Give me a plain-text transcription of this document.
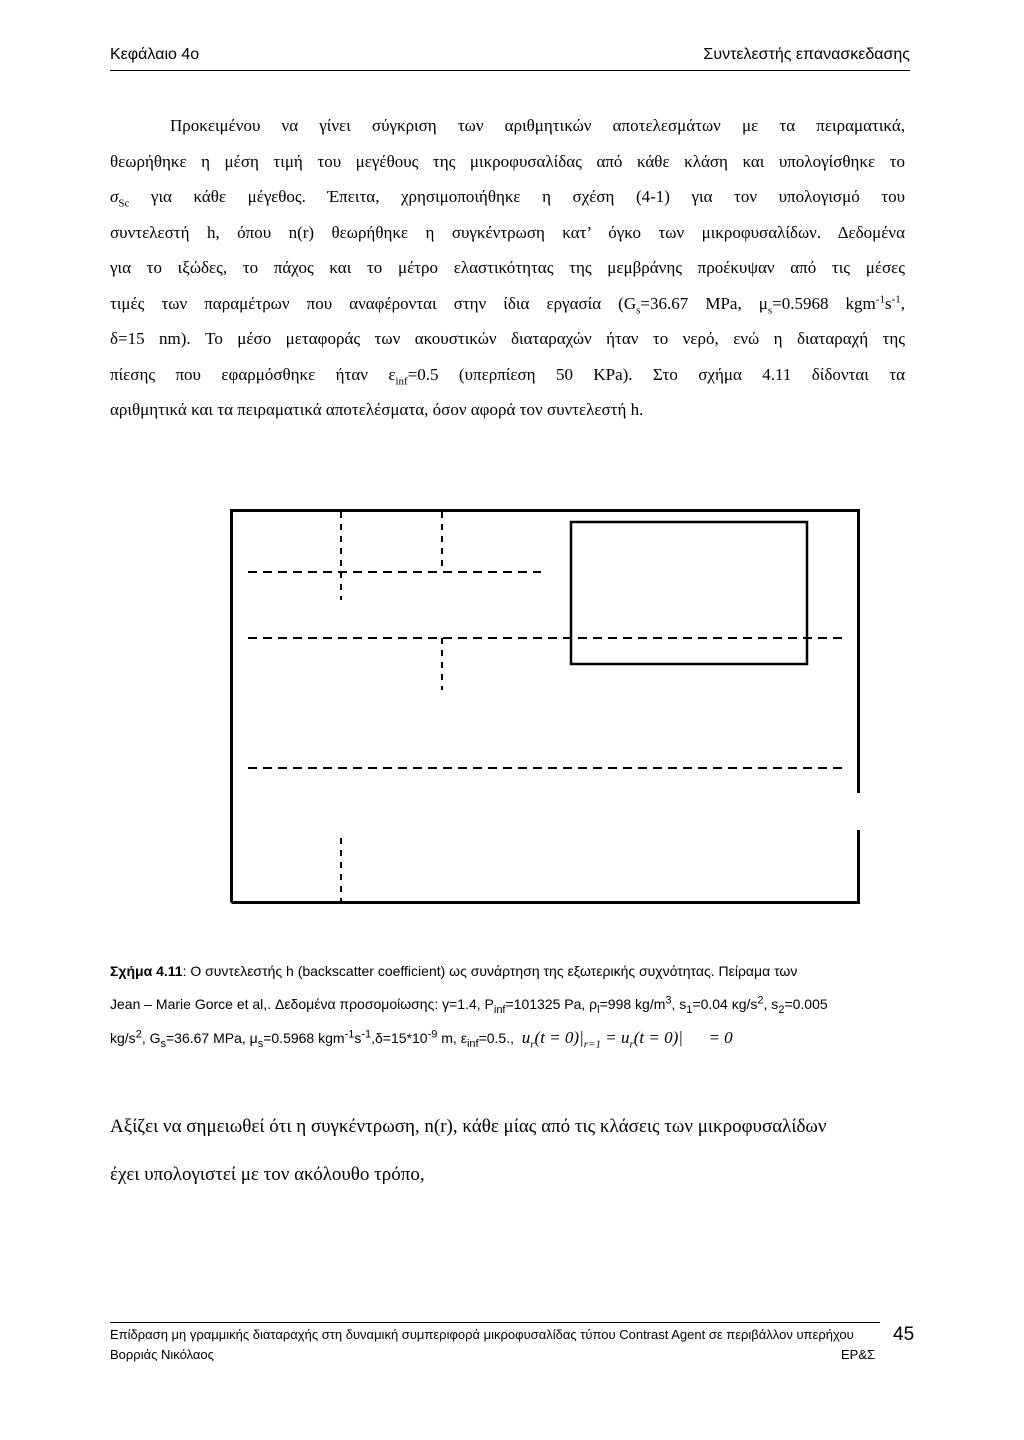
Κεφάλαιο 4ο	Συντελεστής επανασκεδασης
Προκειμένου να γίνει σύγκριση των αριθμητικών αποτελεσμάτων με τα πειραματικά,
θεωρήθηκε η μέση τιμή του μεγέθους της μικροφυσαλίδας από κάθε κλάση και υπολογίσθηκε το
$\sigma_{Sc}$ για κάθε μέγεθος. Έπειτα, χρησιμοποιήθηκε η σχέση (4-1) για τον υπολογισμό του
συντελεστή h, όπου n(r) θεωρήθηκε η συγκέντρωση κατ’ όγκο των μικροφυσαλίδων. Δεδομένα
για το ιξώδες, το πάχος και το μέτρο ελαστικότητας της μεμβράνης προέκυψαν από τις μέσες
τιμές των παραμέτρων που αναφέρονται στην ίδια εργασία ($G_s=36.67$ MPa, $\mu_s=0.5968$ $kgm^{-1}s^{-1}$,
δ=15 nm). Το μέσο μεταφοράς των ακουστικών διαταραχών ήταν το νερό, ενώ η διαταραχή της
πίεσης που εφαρμόσθηκε ήταν $\varepsilon_{inf}=0.5$ (υπερπίεση 50 KPa). Στο σχήμα 4.11 δίδονται τα
αριθμητικά και τα πειραματικά αποτελέσματα, όσον αφορά τον συντελεστή h.
Σχήμα 4.11: Ο συντελεστής h (backscatter coefficient) ως συνάρτηση της εξωτερικής συχνότητας. Πείραμα των
Jean – Marie Gorce et al,. Δεδομένα προσομοίωσης: γ=1.4, $P_{inf}=101325$ Pa, $\rho_l=998$ $kg/m^3$, $s_1=0.04$ $\kappa g/s^2$, $s_2=0.005$
$kg/s^2$, $G_s=36.67$ MPa, $\mu_s=0.5968$ $kgm^{-1}s^{-1},\delta=15*10^{-9}$ m, $\varepsilon_{inf}=0.5$., $u_r(t = 0)|_{r=1} = u_r(t = 0)|$      = 0
Αξίζει να σημειωθεί ότι η συγκέντρωση, n(r), κάθε μίας από τις κλάσεις των μικροφυσαλίδων
έχει υπολογιστεί με τον ακόλουθο τρόπο,
Επίδραση μη γραμμικής διαταραχής στη δυναμική συμπεριφορά μικροφυσαλίδας τύπου Contrast Agent σε περιβάλλον υπερήχου
Βορριάς Νικόλαος	ΕΡ&Σ
45
